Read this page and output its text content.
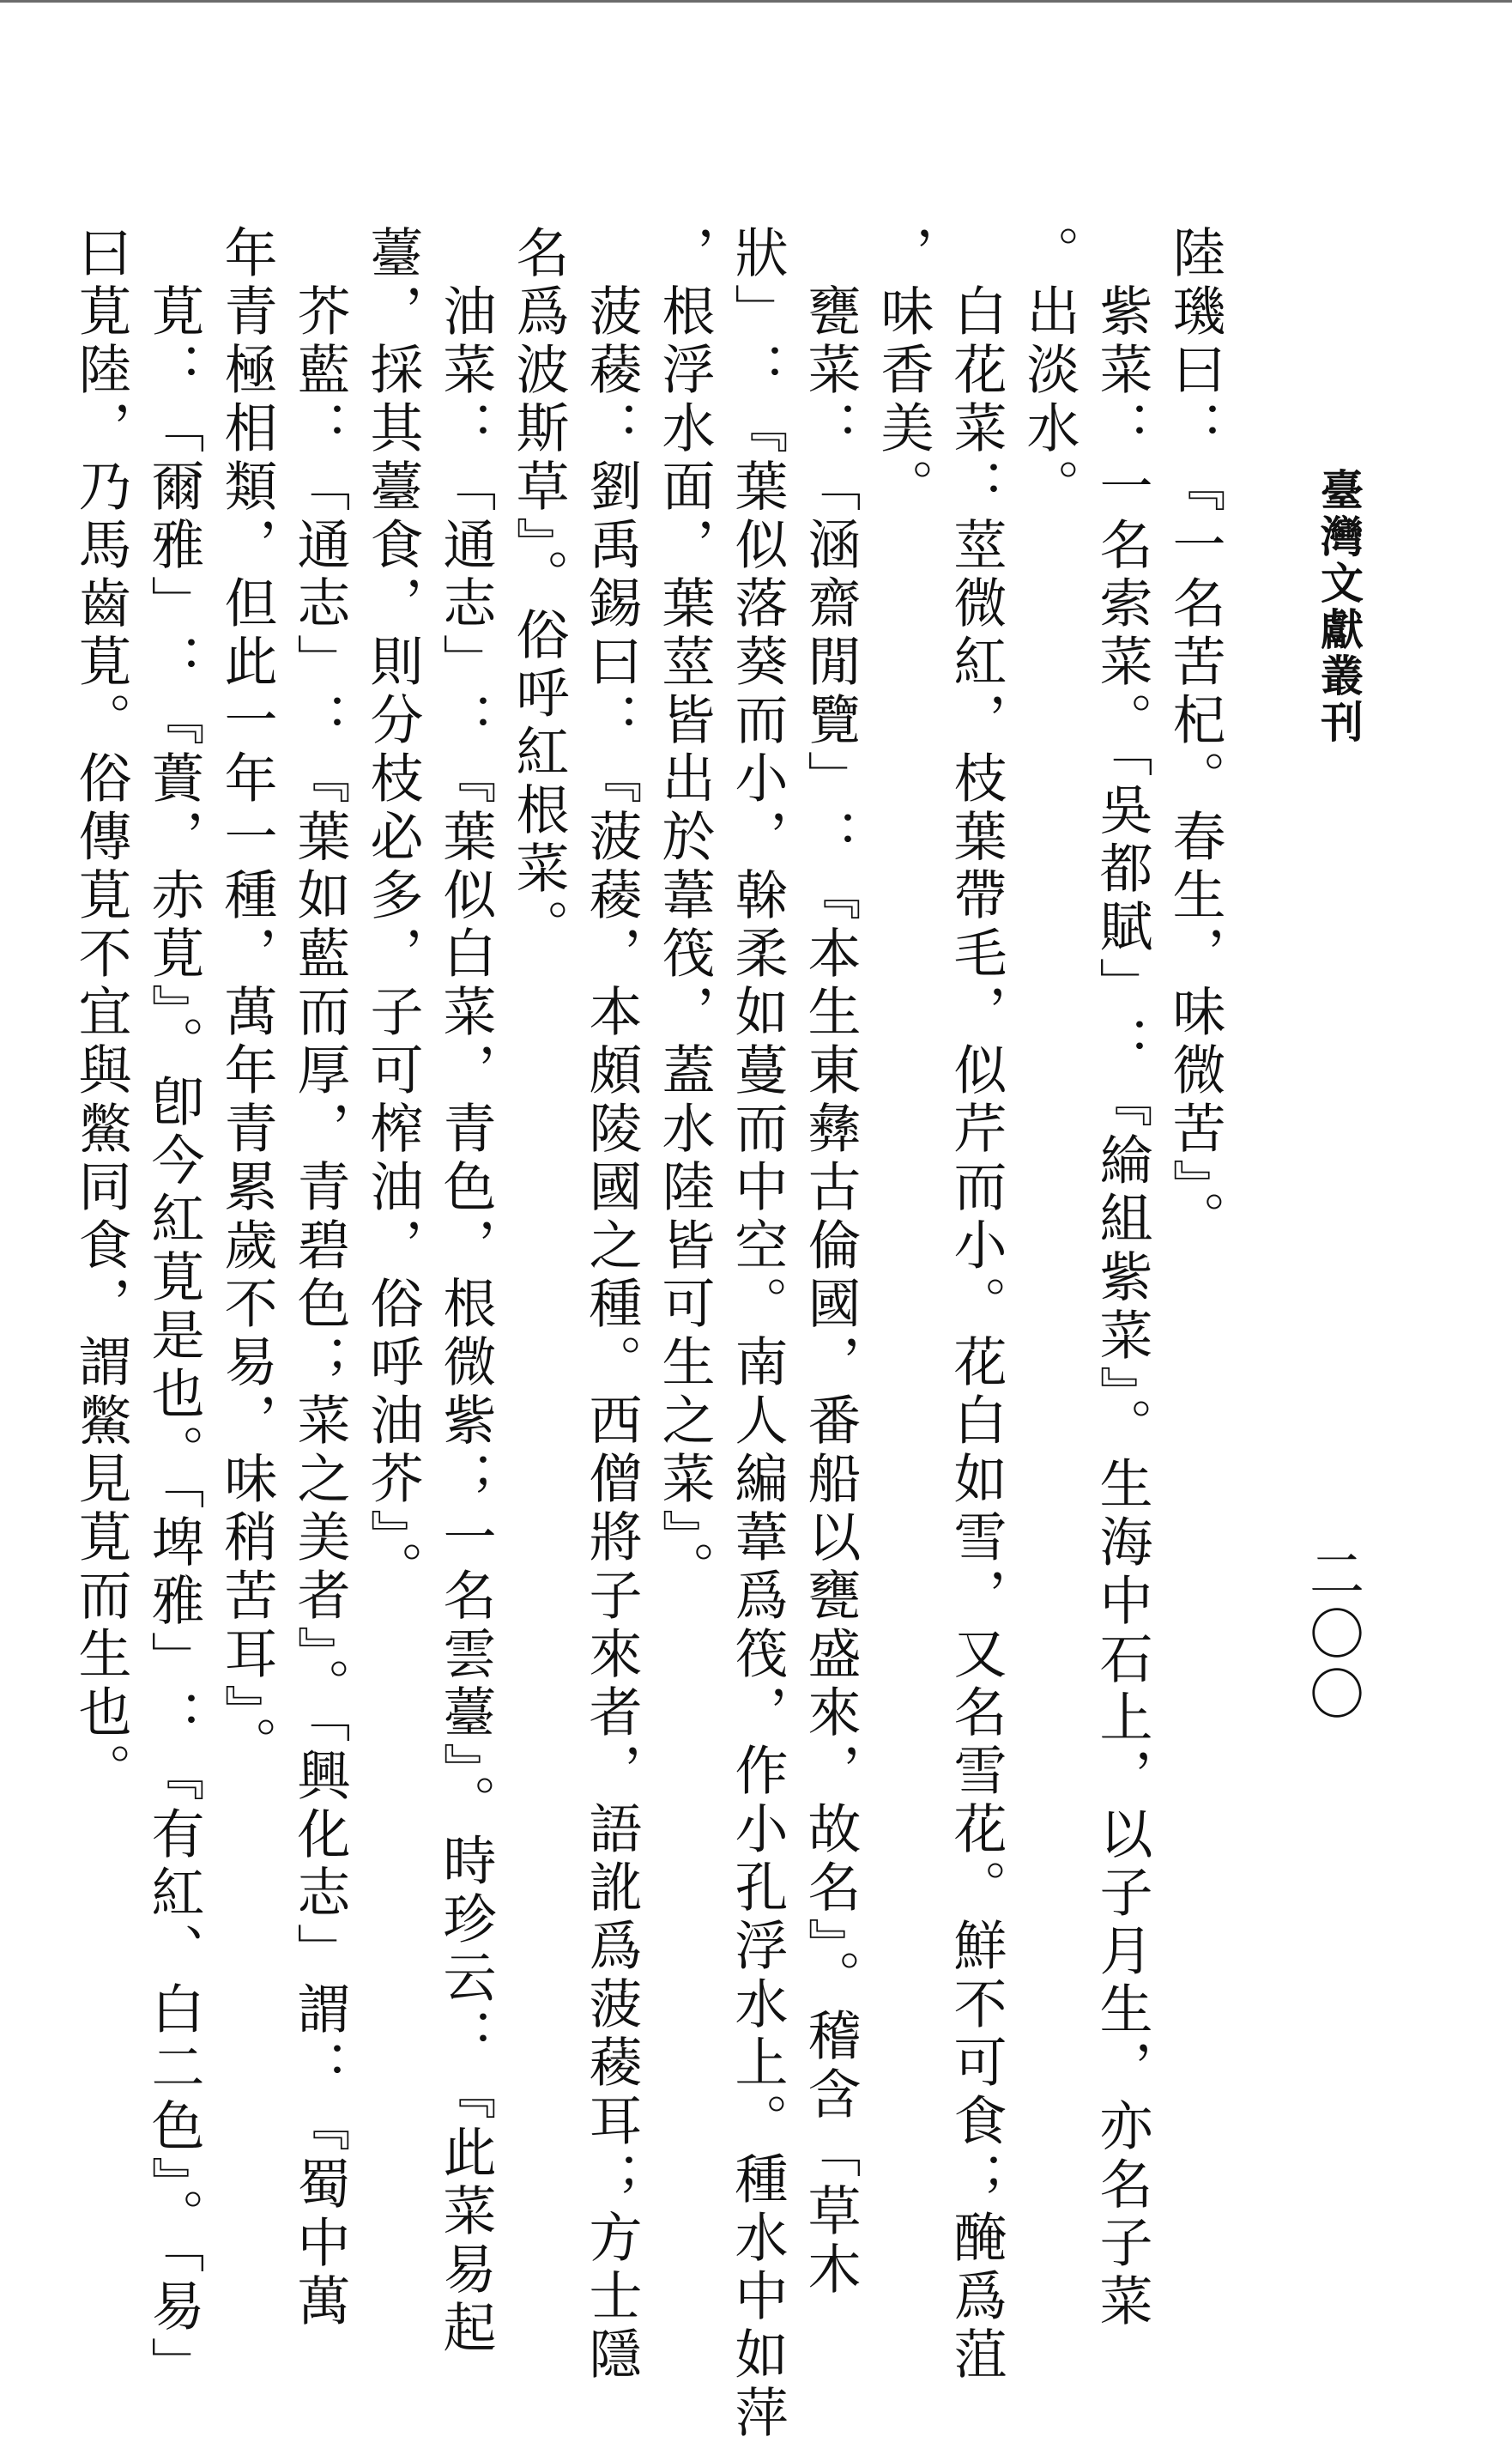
臺灣文獻叢刊
二〇〇

陸璣曰：『一名苦杞。春生，味微苦』。

　紫菜：一名索菜。「吳都賦」：『綸組紫菜』。生海中石上，以子月生，亦名子菜

。出淡水。

　白花菜：莖微紅，枝葉帶毛，似芹而小。花白如雪，又名雪花。鮮不可食；醃爲菹

，味香美。

　甕菜：「涵齋閒覽」：『本生東彝古倫國，番船以甕盛來，故名』。稽含「草木

狀」：『葉似落葵而小，榦柔如蔓而中空。南人編葦爲筏，作小孔浮水上。種水中如萍

，根浮水面，葉莖皆出於葦筏，蓋水陸皆可生之菜』。

　菠薐：劉禹錫曰：『菠薐，本頗陵國之種。西僧將子來者，語訛爲菠薐耳；方士隱

名爲波斯草』。俗呼紅根菜。

　油菜：「通志」：『葉似白菜，青色，根微紫；一名雲薹』。時珍云：『此菜易起

薹，採其薹食，則分枝必多，子可榨油，俗呼油芥』。

　芥藍：「通志」：『葉如藍而厚，青碧色；菜之美者』。「興化志」謂：『蜀中萬

年青極相類，但此一年一種，萬年青累歲不易，味稍苦耳』。

　莧：「爾雅」：『蕢，赤莧』。卽今紅莧是也。「埤雅」：『有紅、白二色』。「易」

曰莧陸，乃馬齒莧。俗傳莧不宜與鱉同食，謂鱉見莧而生也。
